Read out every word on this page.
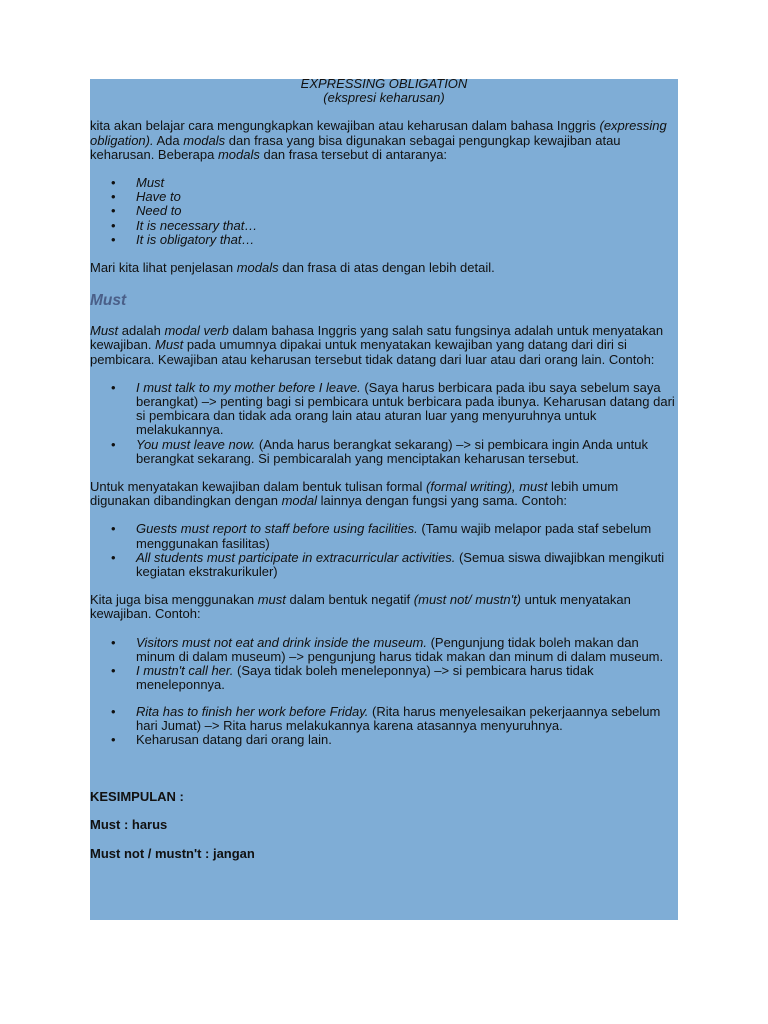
EXPRESSING OBLIGATION

(ekspresi keharusan)

kita akan belajar cara mengungkapkan kewajiban atau keharusan dalam bahasa Inggris (expressing obligation). Ada modals dan frasa yang bisa digunakan sebagai pengungkap kewajiban atau keharusan. Beberapa modals dan frasa tersebut di antaranya:

• Must
• Have to
• Need to
• It is necessary that…
• It is obligatory that…

Mari kita lihat penjelasan modals dan frasa di atas dengan lebih detail.

Must

Must adalah modal verb dalam bahasa Inggris yang salah satu fungsinya adalah untuk menyatakan kewajiban. Must pada umumnya dipakai untuk menyatakan kewajiban yang datang dari diri si pembicara. Kewajiban atau keharusan tersebut tidak datang dari luar atau dari orang lain. Contoh:

• I must talk to my mother before I leave. (Saya harus berbicara pada ibu saya sebelum saya berangkat) –> penting bagi si pembicara untuk berbicara pada ibunya. Keharusan datang dari si pembicara dan tidak ada orang lain atau aturan luar yang menyuruhnya untuk melakukannya.
• You must leave now. (Anda harus berangkat sekarang) –> si pembicara ingin Anda untuk berangkat sekarang. Si pembicaralah yang menciptakan keharusan tersebut.

Untuk menyatakan kewajiban dalam bentuk tulisan formal (formal writing), must lebih umum digunakan dibandingkan dengan modal lainnya dengan fungsi yang sama. Contoh:

• Guests must report to staff before using facilities. (Tamu wajib melapor pada staf sebelum menggunakan fasilitas)
• All students must participate in extracurricular activities. (Semua siswa diwajibkan mengikuti kegiatan ekstrakurikuler)

Kita juga bisa menggunakan must dalam bentuk negatif (must not/ mustn't) untuk menyatakan kewajiban. Contoh:

• Visitors must not eat and drink inside the museum. (Pengunjung tidak boleh makan dan minum di dalam museum) –> pengunjung harus tidak makan dan minum di dalam museum.
• I mustn't call her. (Saya tidak boleh meneleponnya) –> si pembicara harus tidak meneleponnya.
• Rita has to finish her work before Friday. (Rita harus menyelesaikan pekerjaannya sebelum hari Jumat) –> Rita harus melakukannya karena atasannya menyuruhnya.
• Keharusan datang dari orang lain.

KESIMPULAN :

Must : harus

Must not / mustn't : jangan
